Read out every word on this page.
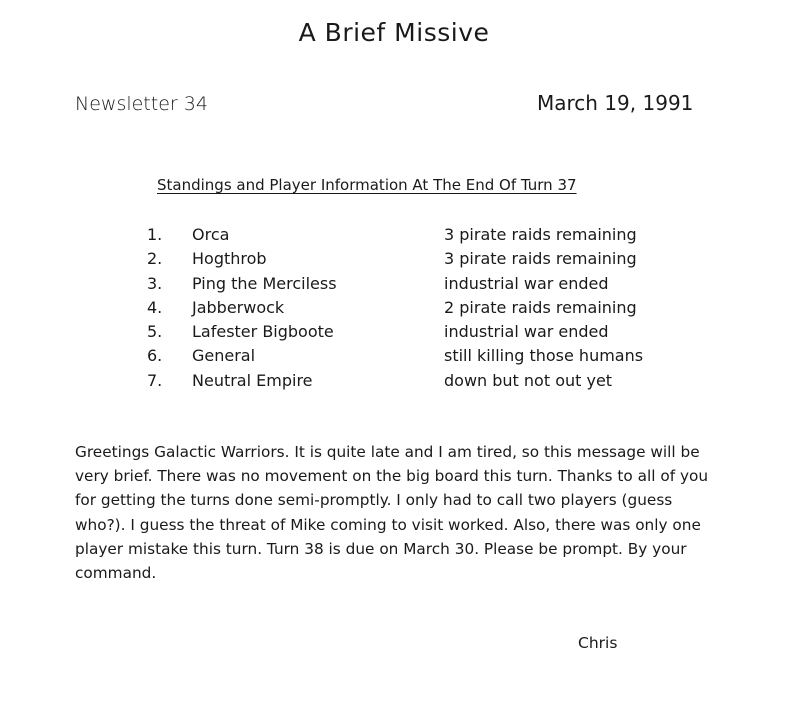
A Brief Missive
Newsletter 34	March 19, 1991
Standings and Player Information At The End Of Turn 37
1. Orca	3 pirate raids remaining
2. Hogthrob	3 pirate raids remaining
3. Ping the Merciless	industrial war ended
4. Jabberwock	2 pirate raids remaining
5. Lafester Bigboote	industrial war ended
6. General	still killing those humans
7. Neutral Empire	down but not out yet

Greetings Galactic Warriors. It is quite late and I am tired, so this message will be very brief. There was no movement on the big board this turn. Thanks to all of you for getting the turns done semi-promptly. I only had to call two players (guess who?). I guess the threat of Mike coming to visit worked. Also, there was only one player mistake this turn. Turn 38 is due on March 30. Please be prompt. By your command.

Chris
